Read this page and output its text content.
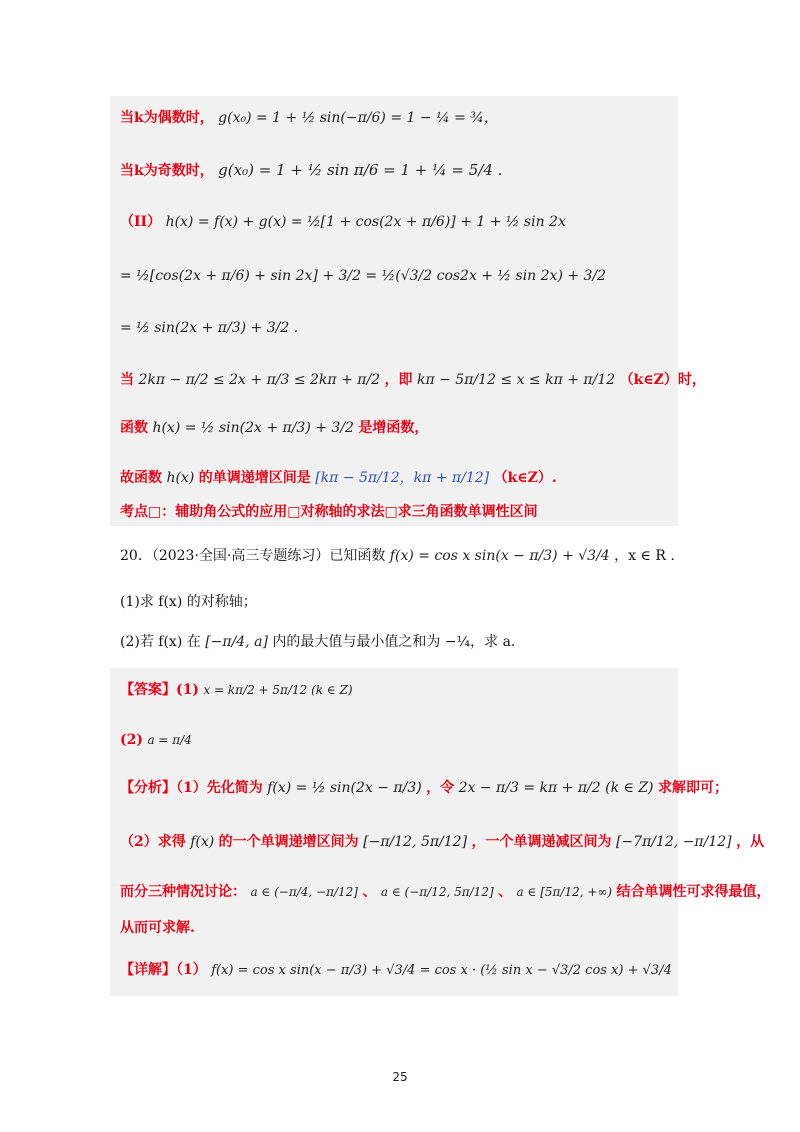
当k为偶数时， g(x₀) = 1 + ½ sin(−π/6) = 1 − ¼ = ¾，
当k为奇数时， g(x₀) = 1 + ½ sin π/6 = 1 + ¼ = 5/4 .
（II） h(x) = f(x) + g(x) = ½[1 + cos(2x + π/6)] + 1 + ½ sin 2x
= ½[cos(2x + π/6) + sin 2x] + 3/2 = ½(√3/2 cos2x + ½ sin 2x) + 3/2
= ½ sin(2x + π/3) + 3/2 .
当 2kπ − π/2 ≤ 2x + π/3 ≤ 2kπ + π/2 ，即 kπ − 5π/12 ≤ x ≤ kπ + π/12 （k∈Z）时，
函数 h(x) = ½ sin(2x + π/3) + 3/2 是增函数，
故函数 h(x) 的单调递增区间是 [kπ − 5π/12，kπ + π/12] （k∈Z）.
考点□：辅助角公式的应用□对称轴的求法□求三角函数单调性区间
20．（2023·全国·高三专题练习）已知函数 f(x) = cos x sin(x − π/3) + √3/4 ，x ∈ R .
(1)求 f(x) 的对称轴；
(2)若 f(x) 在 [−π/4, a] 内的最大值与最小值之和为 −¼，求 a.
【答案】(1) x = kπ/2 + 5π/12 (k ∈ Z)
(2) a = π/4
【分析】（1）先化简为 f(x) = ½ sin(2x − π/3) ，令 2x − π/3 = kπ + π/2 (k ∈ Z) 求解即可；
（2）求得 f(x) 的一个单调递增区间为 [−π/12, 5π/12] ，一个单调递减区间为 [−7π/12, −π/12] ，从
而分三种情况讨论： a ∈ (−π/4, −π/12] 、 a ∈ (−π/12, 5π/12] 、 a ∈ [5π/12, +∞) 结合单调性可求得最值，
从而可求解.
【详解】（1） f(x) = cos x sin(x − π/3) + √3/4 = cos x · (½ sin x − √3/2 cos x) + √3/4
25
